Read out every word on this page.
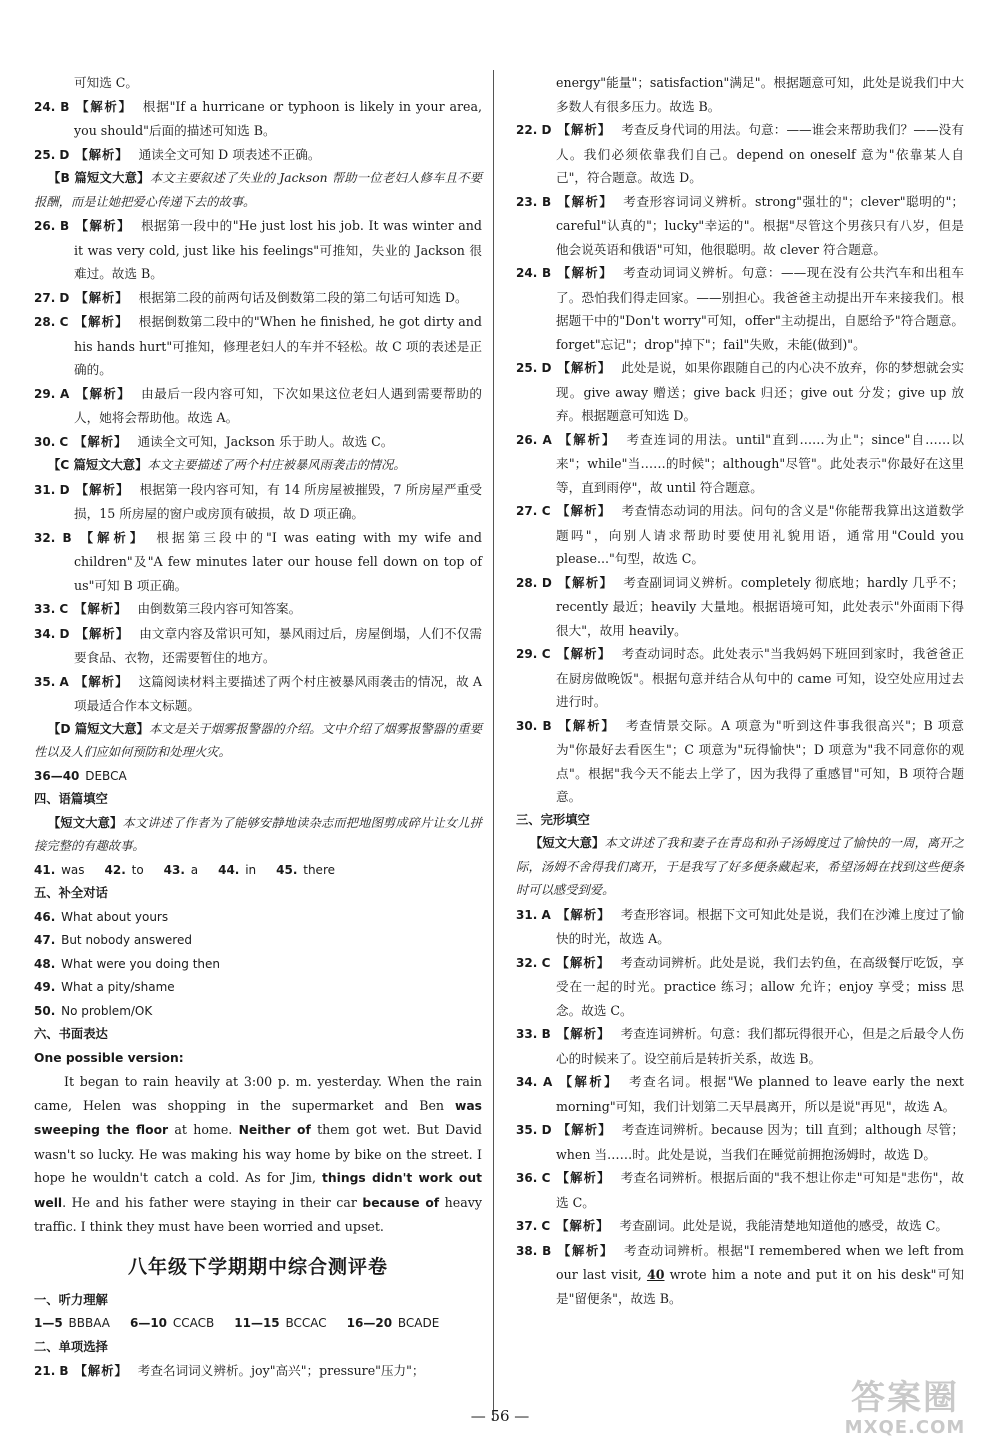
可知选 C。

24. B 【解析】 根据"If a hurricane or typhoon is likely in your area, you should"后面的描述可知选 B。

25. D 【解析】 通读全文可知 D 项表述不正确。

【B 篇短文大意】本文主要叙述了失业的 Jackson 帮助一位老妇人修车且不要报酬，而是让她把爱心传递下去的故事。

26. B 【解析】 根据第一段中的"He just lost his job. It was winter and it was very cold, just like his feelings"可推知，失业的 Jackson 很难过。故选 B。

27. D 【解析】 根据第二段的前两句话及倒数第二段的第二句话可知选 D。

28. C 【解析】 根据倒数第二段中的"When he finished, he got dirty and his hands hurt"可推知，修理老妇人的车并不轻松。故 C 项的表述是正确的。

29. A 【解析】 由最后一段内容可知，下次如果这位老妇人遇到需要帮助的人，她将会帮助他。故选 A。

30. C 【解析】 通读全文可知，Jackson 乐于助人。故选 C。

【C 篇短文大意】本文主要描述了两个村庄被暴风雨袭击的情况。

31. D 【解析】 根据第一段内容可知，有 14 所房屋被摧毁，7 所房屋严重受损，15 所房屋的窗户或房顶有破损，故 D 项正确。

32. B 【解析】 根据第三段中的"I was eating with my wife and children"及"A few minutes later our house fell down on top of us"可知 B 项正确。

33. C 【解析】 由倒数第三段内容可知答案。

34. D 【解析】 由文章内容及常识可知，暴风雨过后，房屋倒塌，人们不仅需要食品、衣物，还需要暂住的地方。

35. A 【解析】 这篇阅读材料主要描述了两个村庄被暴风雨袭击的情况，故 A 项最适合作本文标题。

【D 篇短文大意】本文是关于烟雾报警器的介绍。文中介绍了烟雾报警器的重要性以及人们应如何预防和处理火灾。

36—40 DEBCA

四、语篇填空

【短文大意】本文讲述了作者为了能够安静地读杂志而把地图剪成碎片让女儿拼接完整的有趣故事。

41. was 42. to 43. a 44. in 45. there

五、补全对话

46. What about yours

47. But nobody answered

48. What were you doing then

49. What a pity/shame

50. No problem/OK

六、书面表达

One possible version:

It began to rain heavily at 3:00 p. m. yesterday. When the rain came, Helen was shopping in the supermarket and Ben was sweeping the floor at home. Neither of them got wet. But David wasn't so lucky. He was making his way home by bike on the street. I hope he wouldn't catch a cold. As for Jim, things didn't work out well. He and his father were staying in their car because of heavy traffic. I think they must have been worried and upset.

八年级下学期期中综合测评卷

一、听力理解

1—5 BBBAA 6—10 CCACB 11—15 BCCAC 16—20 BCADE

二、单项选择

21. B 【解析】 考查名词词义辨析。joy"高兴"；pressure"压力"；

energy"能量"；satisfaction"满足"。根据题意可知，此处是说我们中大多数人有很多压力。故选 B。

22. D 【解析】 考查反身代词的用法。句意：——谁会来帮助我们？——没有人。我们必须依靠我们自己。depend on oneself 意为"依靠某人自己"，符合题意。故选 D。

23. B 【解析】 考查形容词词义辨析。strong"强壮的"；clever"聪明的"；careful"认真的"；lucky"幸运的"。根据"尽管这个男孩只有八岁，但是他会说英语和俄语"可知，他很聪明。故 clever 符合题意。

24. B 【解析】 考查动词词义辨析。句意：——现在没有公共汽车和出租车了。恐怕我们得走回家。——别担心。我爸爸主动提出开车来接我们。根据题干中的"Don't worry"可知，offer"主动提出，自愿给予"符合题意。forget"忘记"；drop"掉下"；fail"失败，未能(做到)"。

25. D 【解析】 此处是说，如果你跟随自己的内心决不放弃，你的梦想就会实现。give away 赠送；give back 归还；give out 分发；give up 放弃。根据题意可知选 D。

26. A 【解析】 考查连词的用法。until"直到……为止"；since"自……以来"；while"当……的时候"；although"尽管"。此处表示"你最好在这里等，直到雨停"，故 until 符合题意。

27. C 【解析】 考查情态动词的用法。问句的含义是"你能帮我算出这道数学题吗"，向别人请求帮助时要使用礼貌用语，通常用"Could you please..."句型，故选 C。

28. D 【解析】 考查副词词义辨析。completely 彻底地；hardly 几乎不；recently 最近；heavily 大量地。根据语境可知，此处表示"外面雨下得很大"，故用 heavily。

29. C 【解析】 考查动词时态。此处表示"当我妈妈下班回到家时，我爸爸正在厨房做晚饭"。根据句意并结合从句中的 came 可知，设空处应用过去进行时。

30. B 【解析】 考查情景交际。A 项意为"听到这件事我很高兴"；B 项意为"你最好去看医生"；C 项意为"玩得愉快"；D 项意为"我不同意你的观点"。根据"我今天不能去上学了，因为我得了重感冒"可知，B 项符合题意。

三、完形填空

【短文大意】本文讲述了我和妻子在青岛和孙子汤姆度过了愉快的一周，离开之际，汤姆不舍得我们离开，于是我写了好多便条藏起来，希望汤姆在找到这些便条时可以感受到爱。

31. A 【解析】 考查形容词。根据下文可知此处是说，我们在沙滩上度过了愉快的时光，故选 A。

32. C 【解析】 考查动词辨析。此处是说，我们去钓鱼，在高级餐厅吃饭，享受在一起的时光。practice 练习；allow 允许；enjoy 享受；miss 思念。故选 C。

33. B 【解析】 考查连词辨析。句意：我们都玩得很开心，但是之后最令人伤心的时候来了。设空前后是转折关系，故选 B。

34. A 【解析】 考查名词。根据"We planned to leave early the next morning"可知，我们计划第二天早晨离开，所以是说"再见"，故选 A。

35. D 【解析】 考查连词辨析。because 因为；till 直到；although 尽管；when 当……时。此处是说，当我们在睡觉前拥抱汤姆时，故选 D。

36. C 【解析】 考查名词辨析。根据后面的"我不想让你走"可知是"悲伤"，故选 C。

37. C 【解析】 考查副词。此处是说，我能清楚地知道他的感受，故选 C。

38. B 【解析】 考查动词辨析。根据"I remembered when we left from our last visit, 40 wrote him a note and put it on his desk"可知是"留便条"，故选 B。

— 56 —	答案圈
MXQE.COM
